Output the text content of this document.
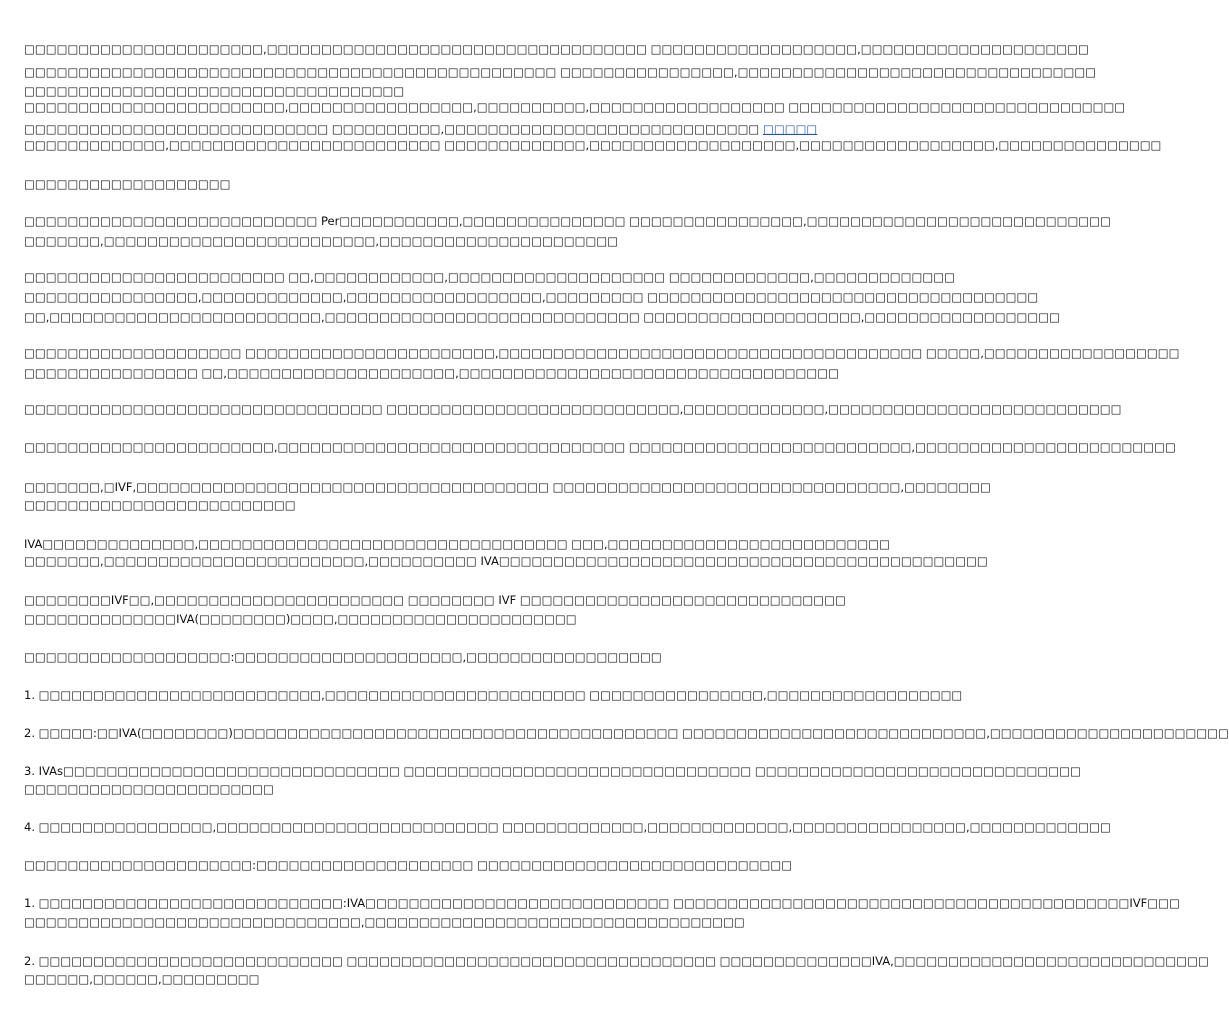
□□□□□□□□□□□□□□□□□□□□□□,□□□□□□□□□□□□□□□□□□□□□□□□□□□□□□□□□□□ □□□□□□□□□□□□□□□□□□□,□□□□□□□□□□□□□□□□□□□□□
□□□□□□□□□□□□□□□□□□□□□□□□□□□□□□□□□□□□□□□□□□□□□□□□□ □□□□□□□□□□□□□□□□,□□□□□□□□□□□□□□□□□□□□□□□□□□□□□□□□□
□□□□□□□□□□□□□□□□□□□□□□□□□□□□□□□□□□□
□□□□□□□□□□□□□□□□□□□□□□□□,□□□□□□□□□□□□□□□□□,□□□□□□□□□□,□□□□□□□□□□□□□□□□□□ □□□□□□□□□□□□□□□□□□□□□□□□□□□□□□□
□□□□□□□□□□□□□□□□□□□□□□□□□□□□ □□□□□□□□□□,□□□□□□□□□□□□□□□□□□□□□□□□□□□□□ □□□□□
□□□□□□□□□□□□□,□□□□□□□□□□□□□□□□□□□□□□□□□ □□□□□□□□□□□□□,□□□□□□□□□□□□□□□□□□□,□□□□□□□□□□□□□□□□□□,□□□□□□□□□□□□□□□
□□□□□□□□□□□□□□□□□□□
□□□□□□□□□□□□□□□□□□□□□□□□□□□ Per□□□□□□□□□□□,□□□□□□□□□□□□□□□ □□□□□□□□□□□□□□□□,□□□□□□□□□□□□□□□□□□□□□□□□□□□□
□□□□□□□,□□□□□□□□□□□□□□□□□□□□□□□□□,□□□□□□□□□□□□□□□□□□□□□□
□□□□□□□□□□□□□□□□□□□□□□□□ □□,□□□□□□□□□□□□,□□□□□□□□□□□□□□□□□□□□ □□□□□□□□□□□□□,□□□□□□□□□□□□□
□□□□□□□□□□□□□□□□,□□□□□□□□□□□□□,□□□□□□□□□□□□□□□□□□,□□□□□□□□□ □□□□□□□□□□□□□□□□□□□□□□□□□□□□□□□□□□□□
□□,□□□□□□□□□□□□□□□□□□□□□□□□□,□□□□□□□□□□□□□□□□□□□□□□□□□□□□□ □□□□□□□□□□□□□□□□□□□□,□□□□□□□□□□□□□□□□□□
□□□□□□□□□□□□□□□□□□□□ □□□□□□□□□□□□□□□□□□□□□□□,□□□□□□□□□□□□□□□□□□□□□□□□□□□□□□□□□□□□□□□ □□□□□,□□□□□□□□□□□□□□□□□□
□□□□□□□□□□□□□□□□ □□,□□□□□□□□□□□□□□□□□□□□□,□□□□□□□□□□□□□□□□□□□□□□□□□□□□□□□□□□□
□□□□□□□□□□□□□□□□□□□□□□□□□□□□□□□□□ □□□□□□□□□□□□□□□□□□□□□□□□□□□,□□□□□□□□□□□□□,□□□□□□□□□□□□□□□□□□□□□□□□□□□
□□□□□□□□□□□□□□□□□□□□□□□,□□□□□□□□□□□□□□□□□□□□□□□□□□□□□□□□ □□□□□□□□□□□□□□□□□□□□□□□□□□,□□□□□□□□□□□□□□□□□□□□□□□□
□□□□□□□,□IVF,□□□□□□□□□□□□□□□□□□□□□□□□□□□□□□□□□□□□□□ □□□□□□□□□□□□□□□□□□□□□□□□□□□□□□□□,□□□□□□□□
□□□□□□□□□□□□□□□□□□□□□□□□□
IVA□□□□□□□□□□□□□□,□□□□□□□□□□□□□□□□□□□□□□□□□□□□□□□□□□ □□□,□□□□□□□□□□□□□□□□□□□□□□□□□□
□□□□□□□,□□□□□□□□□□□□□□□□□□□□□□□□,□□□□□□□□□□ IVA□□□□□□□□□□□□□□□□□□□□□□□□□□□□□□□□□□□□□□□□□□□□□
□□□□□□□□IVF□□,□□□□□□□□□□□□□□□□□□□□□□□ □□□□□□□□ IVF □□□□□□□□□□□□□□□□□□□□□□□□□□□□□□
□□□□□□□□□□□□□□IVA(□□□□□□□□)□□□□,□□□□□□□□□□□□□□□□□□□□□□
□□□□□□□□□□□□□□□□□□□:□□□□□□□□□□□□□□□□□□□□□,□□□□□□□□□□□□□□□□□□
1. □□□□□□□□□□□□□□□□□□□□□□□□□□,□□□□□□□□□□□□□□□□□□□□□□□□ □□□□□□□□□□□□□□□□,□□□□□□□□□□□□□□□□□□
2. □□□□□:□□IVA(□□□□□□□□)□□□□□□□□□□□□□□□□□□□□□□□□□□□□□□□□□□□□□□□□□ □□□□□□□□□□□□□□□□□□□□□□□□□□□□,□□□□□□□□□□□□□□□□□□□□□□
3. IVAs□□□□□□□□□□□□□□□□□□□□□□□□□□□□□□□ □□□□□□□□□□□□□□□□□□□□□□□□□□□□□□□□ □□□□□□□□□□□□□□□□□□□□□□□□□□□□□□
□□□□□□□□□□□□□□□□□□□□□□□
4. □□□□□□□□□□□□□□□□,□□□□□□□□□□□□□□□□□□□□□□□□□□ □□□□□□□□□□□□□,□□□□□□□□□□□□□,□□□□□□□□□□□□□□□□,□□□□□□□□□□□□□
□□□□□□□□□□□□□□□□□□□□□:□□□□□□□□□□□□□□□□□□□□ □□□□□□□□□□□□□□□□□□□□□□□□□□□□□
1. □□□□□□□□□□□□□□□□□□□□□□□□□□□□:IVA□□□□□□□□□□□□□□□□□□□□□□□□□□□□ □□□□□□□□□□□□□□□□□□□□□□□□□□□□□□□□□□□□□□□□□□IVF□□□
□□□□□□□□□□□□□□□□□□□□□□□□□□□□□□□,□□□□□□□□□□□□□□□□□□□□□□□□□□□□□□□□□□□
2. □□□□□□□□□□□□□□□□□□□□□□□□□□□□ □□□□□□□□□□□□□□□□□□□□□□□□□□□□□□□□□□ □□□□□□□□□□□□□□IVA,□□□□□□□□□□□□□□□□□□□□□□□□□□□□□
□□□□□□,□□□□□□,□□□□□□□□□
